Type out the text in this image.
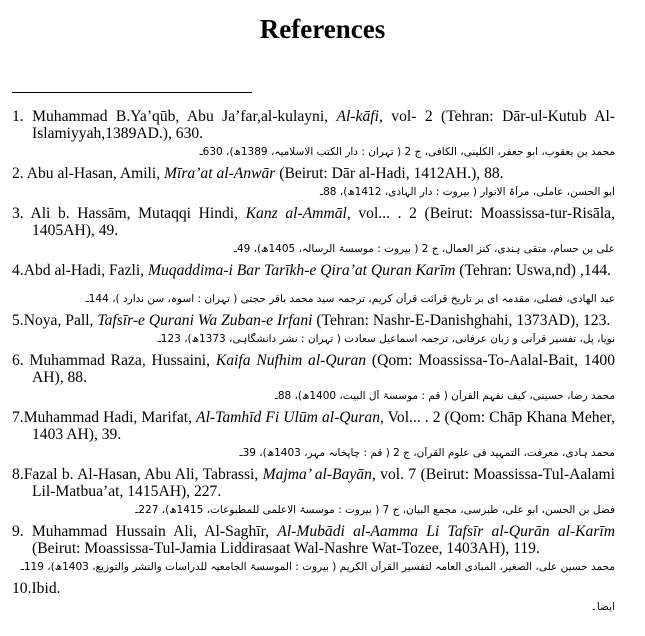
References
1. Muhammad B.Ya’qūb, Abu Ja’far,al-kulayni, Al-kāfi, vol- 2 (Tehran: Dār-ul-Kutub Al-Islamiyyah,1389AD.), 630.
محمد بن یعقوب، ابو جعفر، الکلینی، الکافی، ج 2 ( تہران : دار الکتب الاسلامیہ، 1389ھ)، 630ـ
2. Abu al-Hasan, Amili, Mīra’at al-Anwār (Beirut: Dār al-Hadi, 1412AH.), 88.
ابو الحسن، عاملی، مرآۃ الانوار ( بیروت : دار الہادی، 1412ھ)، 88ـ
3. Ali b. Hassām, Mutaqqi Hindi, Kanz al-Ammāl, vol... . 2 (Beirut: Moassissa-tur-Risāla, 1405AH), 49.
علی بن حسام، متقی ہندی، کنز العمال، ج 2 ( بیروت : موسسۃ الرسالہ، 1405ھ)، 49ـ
4.Abd al-Hadi, Fazli, Muqaddima-i Bar Tarīkh-e Qira’at Quran Karīm (Tehran: Uswa,nd) ,144.
عبد الھادی، فضلی، مقدمہ ای بر تاریخ قرائت قرآن کریم، ترجمہ سید محمد باقر حجتی ( تہران : اسوہ، سن ندارد )، 144ـ
5.Noya, Pall, Tafsīr-e Qurani Wa Zuban-e Irfani (Tehran: Nashr-E-Danishghahi, 1373AD), 123.
نویا، پل، تفسیر قرآنی و زبان عرفانی، ترجمہ اسماعیل سعادت ( تہران : نشر دانشگاہی، 1373ھ)، 123ـ
6. Muhammad Raza, Hussaini, Kaifa Nufhim al-Quran (Qom: Moassissa-To-Aalal-Bait, 1400 AH), 88.
محمد رضا، حسینی، کیف نفہم القرآن ( قم : موسسۃ آل البیت، 1400ھ)، 88ـ
7.Muhammad Hadi, Marifat, Al-Tamhīd Fi Ulūm al-Quran, Vol... . 2 (Qom: Chāp Khana Meher, 1403 AH), 39.
محمد ہادی، معرفت، التمہید فی علوم القرآن، ج 2 ( قم : چاپخانہ مہر، 1403ھ)، 39ـ
8.Fazal b. Al-Hasan, Abu Ali, Tabrassi, Majma’ al-Bayān, vol. 7 (Beirut: Moassissa-Tul-Aalami Lil-Matbua’at, 1415AH), 227.
فضل بن الحسن، ابو علی، طبرسی، مجمع البیان، ج 7 ( بیروت : موسسۃ الاعلمی للمطبوعات، 1415ھ)، 227ـ
9. Muhammad Hussain Ali, Al-Saghīr, Al-Mubādi al-Aamma Li Tafsīr al-Qurān al-Karīm (Beirut: Moassissa-Tul-Jamia Liddirasaat Wal-Nashre Wat-Tozee, 1403AH), 119.
محمد حسین علی، الصغیر، المبادی العامہ لتفسیر القرآن الکریم ( بیروت : الموسسۃ الجامعیہ للدراسات والنشر والتوزیع، 1403ھ)، 119ـ
10.Ibid.
ایضاً۔
